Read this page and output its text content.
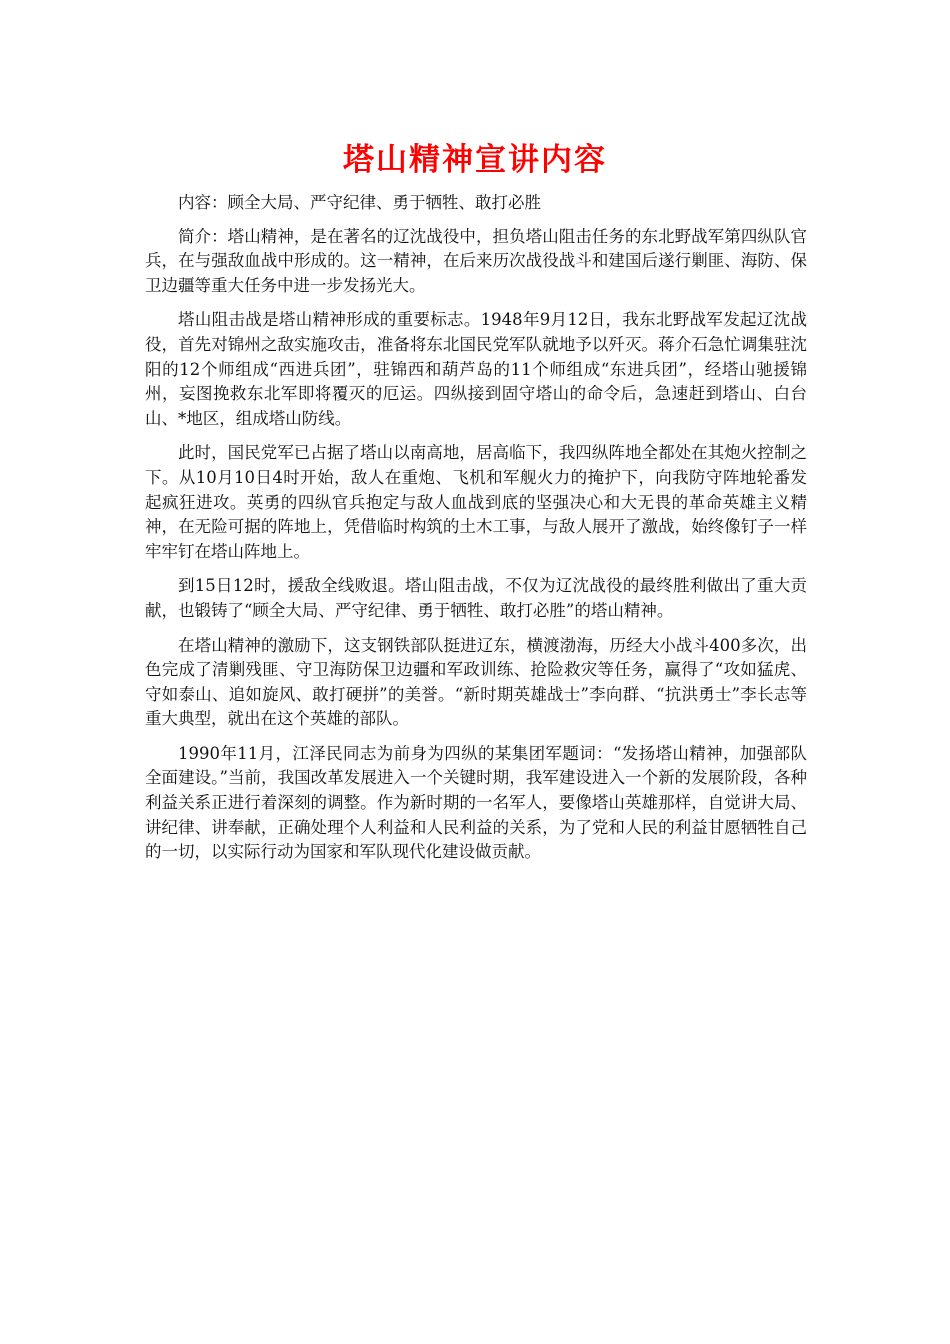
塔山精神宣讲内容

内容：顾全大局、严守纪律、勇于牺牲、敢打必胜

简介：塔山精神，是在著名的辽沈战役中，担负塔山阻击任务的东北野战军第四纵队官兵，在与强敌血战中形成的。这一精神，在后来历次战役战斗和建国后遂行剿匪、海防、保卫边疆等重大任务中进一步发扬光大。

塔山阻击战是塔山精神形成的重要标志。1948年9月12日，我东北野战军发起辽沈战役，首先对锦州之敌实施攻击，准备将东北国民党军队就地予以歼灭。蒋介石急忙调集驻沈阳的12个师组成“西进兵团”，驻锦西和葫芦岛的11个师组成“东进兵团”，经塔山驰援锦州，妄图挽救东北军即将覆灭的厄运。四纵接到固守塔山的命令后，急速赶到塔山、白台山、*地区，组成塔山防线。

此时，国民党军已占据了塔山以南高地，居高临下，我四纵阵地全都处在其炮火控制之下。从10月10日4时开始，敌人在重炮、飞机和军舰火力的掩护下，向我防守阵地轮番发起疯狂进攻。英勇的四纵官兵抱定与敌人血战到底的坚强决心和大无畏的革命英雄主义精神，在无险可据的阵地上，凭借临时构筑的土木工事，与敌人展开了激战，始终像钉子一样牢牢钉在塔山阵地上。

到15日12时，援敌全线败退。塔山阻击战，不仅为辽沈战役的最终胜利做出了重大贡献，也锻铸了“顾全大局、严守纪律、勇于牺牲、敢打必胜”的塔山精神。

在塔山精神的激励下，这支钢铁部队挺进辽东，横渡渤海，历经大小战斗400多次，出色完成了清剿残匪、守卫海防保卫边疆和军政训练、抢险救灾等任务，赢得了“攻如猛虎、守如泰山、追如旋风、敢打硬拼”的美誉。“新时期英雄战士”李向群、“抗洪勇士”李长志等重大典型，就出在这个英雄的部队。

1990年11月，江泽民同志为前身为四纵的某集团军题词：“发扬塔山精神，加强部队全面建设。”当前，我国改革发展进入一个关键时期，我军建设进入一个新的发展阶段，各种利益关系正进行着深刻的调整。作为新时期的一名军人，要像塔山英雄那样，自觉讲大局、讲纪律、讲奉献，正确处理个人利益和人民利益的关系，为了党和人民的利益甘愿牺牲自己的一切，以实际行动为国家和军队现代化建设做贡献。
